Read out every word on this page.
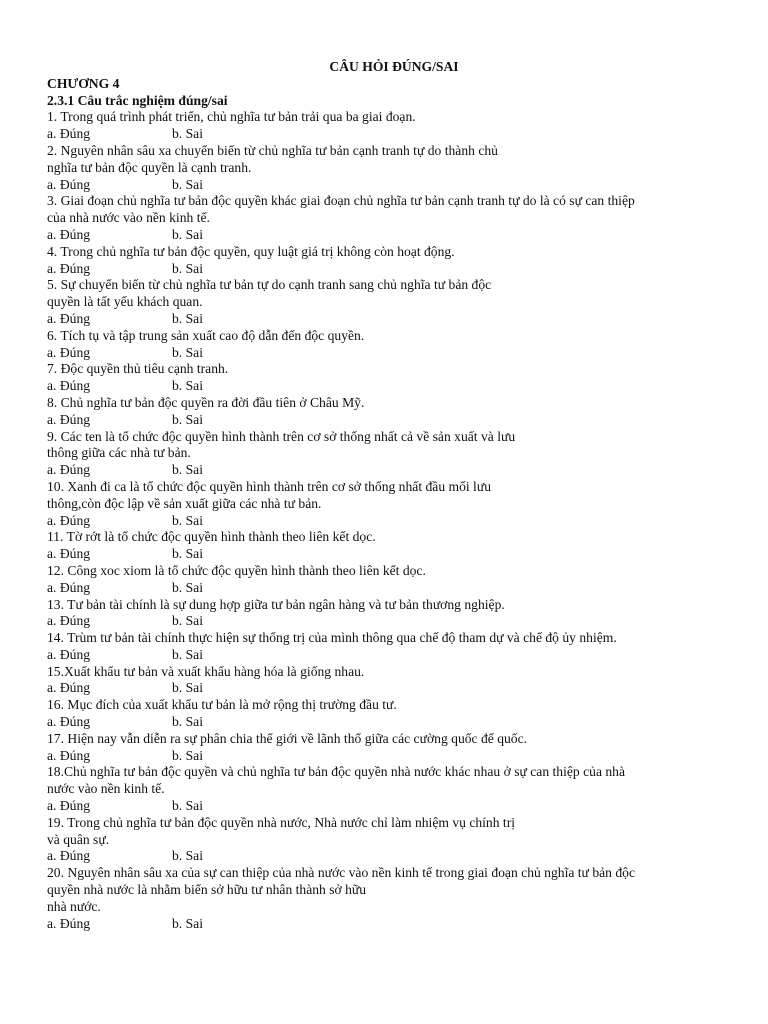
CÂU HỎI ĐÚNG/SAI

CHƯƠNG 4

2.3.1 Câu trắc nghiệm đúng/sai

1. Trong quá trình phát triển, chủ nghĩa tư bản trải qua ba giai đoạn.

a. Đúng	b. Sai

2. Nguyên nhân sâu xa chuyển biến từ chủ nghĩa tư bản cạnh tranh tự do thành chủ
nghĩa tư bản độc quyền là cạnh tranh.

a. Đúng	b. Sai

3. Giai đoạn chủ nghĩa tư bản độc quyền khác giai đoạn chủ nghĩa tư bản cạnh tranh tự do là có sự can thiệp
của nhà nước vào nền kinh tế.

a. Đúng	b. Sai

4. Trong chủ nghĩa tư bản độc quyền, quy luật giá trị không còn hoạt động.

a. Đúng	b. Sai

5. Sự chuyển biến từ chủ nghĩa tư bản tự do cạnh tranh sang chủ nghĩa tư bản độc
quyền là tất yếu khách quan.

a. Đúng	b. Sai

6. Tích tụ và tập trung sản xuất cao độ dẫn đến độc quyền.

a. Đúng	b. Sai

7. Độc quyền thủ tiêu cạnh tranh.

a. Đúng	b. Sai

8. Chủ nghĩa tư bản độc quyền ra đời đầu tiên ở Châu Mỹ.

a. Đúng	b. Sai

9. Các ten là tổ chức độc quyền hình thành trên cơ sở thống nhất cả về sản xuất và lưu
thông giữa các nhà tư bản.

a. Đúng	b. Sai

10. Xanh đi ca là tổ chức độc quyền hình thành trên cơ sở thống nhất đầu mối lưu
thông,còn độc lập về sản xuất giữa các nhà tư bản.

a. Đúng	b. Sai

11. Tờ rớt là tổ chức độc quyền hình thành theo liên kết dọc.

a. Đúng	b. Sai

12. Công xoc xiom là tổ chức độc quyền hình thành theo liên kết dọc.

a. Đúng	b. Sai

13. Tư bản tài chính là sự dung hợp giữa tư bản ngân hàng và tư bản thương nghiệp.

a. Đúng	b. Sai

14. Trùm tư bản tài chính thực hiện sự thống trị của mình thông qua chế độ tham dự và chế độ ủy nhiệm.

a. Đúng	b. Sai

15.Xuất khẩu tư bản và xuất khẩu hàng hóa là giống nhau.

a. Đúng	b. Sai

16. Mục đích của xuất khẩu tư bản là mở rộng thị trường đầu tư.

a. Đúng	b. Sai

17. Hiện nay vẫn diễn ra sự phân chia thế giới về lãnh thổ giữa các cường quốc đế quốc.

a. Đúng	b. Sai

18.Chủ nghĩa tư bản độc quyền và chủ nghĩa tư bản độc quyền nhà nước khác nhau ở sự can thiệp của nhà
nước vào nền kinh tế.

a. Đúng	b. Sai

19. Trong chủ nghĩa tư bản độc quyền nhà nước, Nhà nước chỉ làm nhiệm vụ chính trị
và quân sự.

a. Đúng	b. Sai

20. Nguyên nhân sâu xa của sự can thiệp của nhà nước vào nền kinh tế trong giai đoạn chủ nghĩa tư bản độc
quyền nhà nước là nhằm biến sở hữu tư nhân thành sở hữu
nhà nước.

a. Đúng	b. Sai
